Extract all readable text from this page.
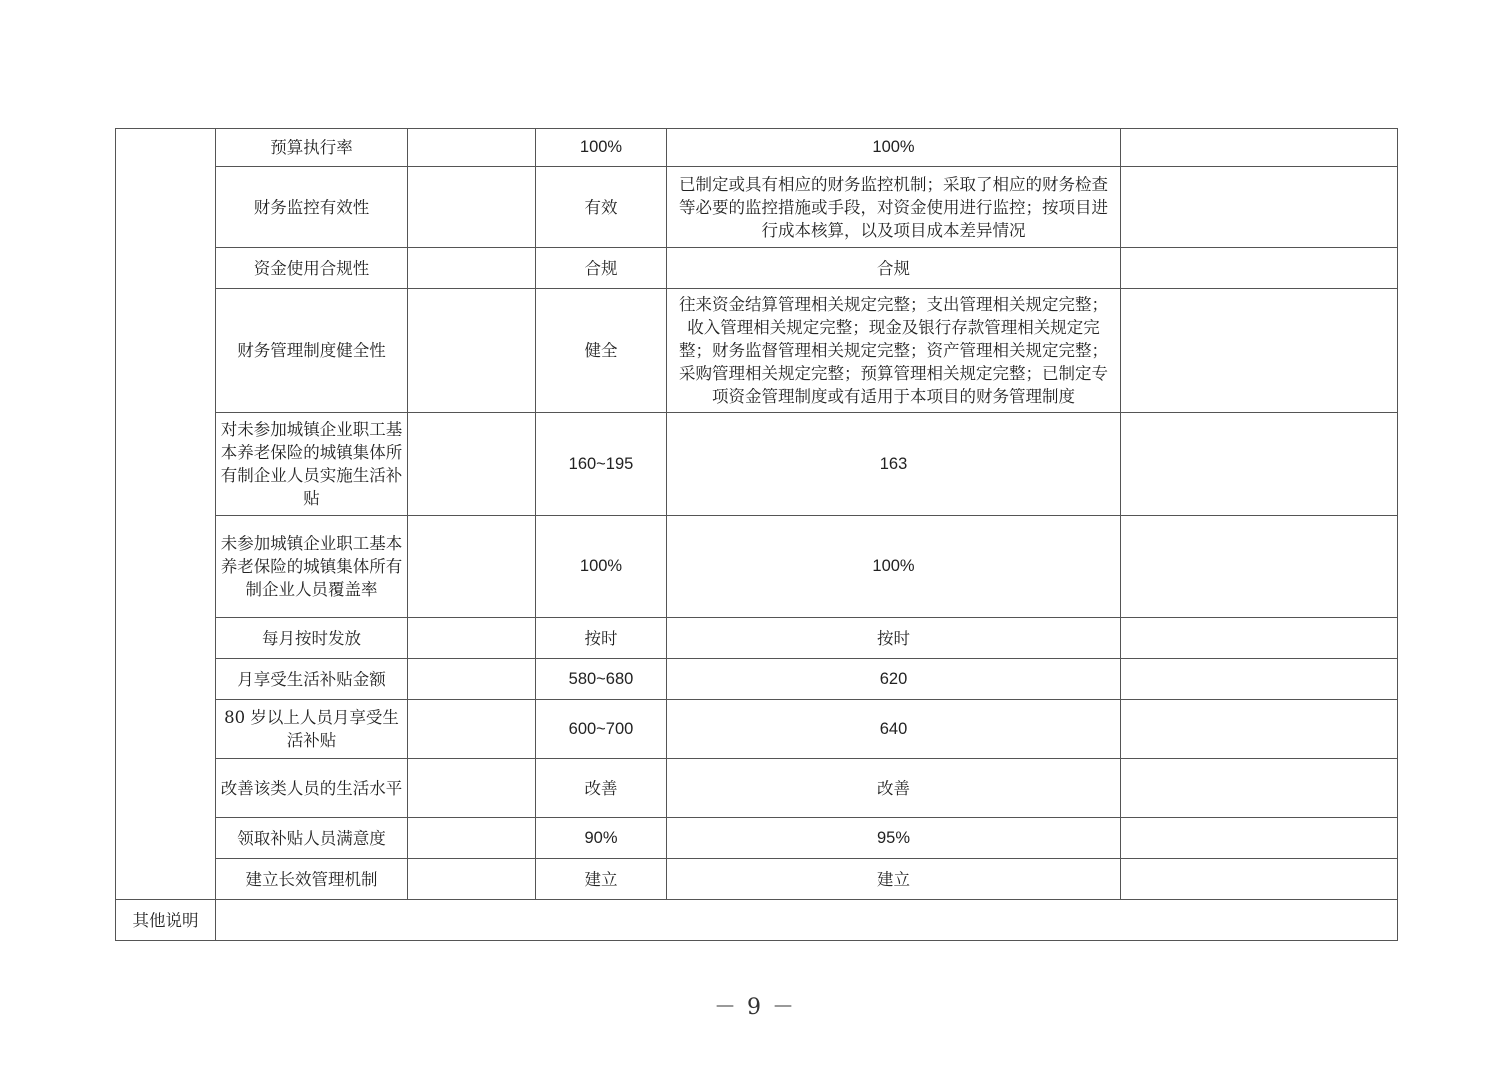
	预算执行率		100%	100%	
	财务监控有效性		有效	已制定或具有相应的财务监控机制；采取了相应的财务检查等必要的监控措施或手段，对资金使用进行监控；按项目进行成本核算，以及项目成本差异情况	
	资金使用合规性		合规	合规	
	财务管理制度健全性		健全	往来资金结算管理相关规定完整；支出管理相关规定完整；收入管理相关规定完整；现金及银行存款管理相关规定完整；财务监督管理相关规定完整；资产管理相关规定完整；采购管理相关规定完整；预算管理相关规定完整；已制定专项资金管理制度或有适用于本项目的财务管理制度	
	对未参加城镇企业职工基本养老保险的城镇集体所有制企业人员实施生活补贴		160~195	163	
	未参加城镇企业职工基本养老保险的城镇集体所有制企业人员覆盖率		100%	100%	
	每月按时发放		按时	按时	
	月享受生活补贴金额		580~680	620	
	80 岁以上人员月享受生活补贴		600~700	640	
	改善该类人员的生活水平		改善	改善	
	领取补贴人员满意度		90%	95%	
	建立长效管理机制		建立	建立	
其他说明					
－ 9 －
